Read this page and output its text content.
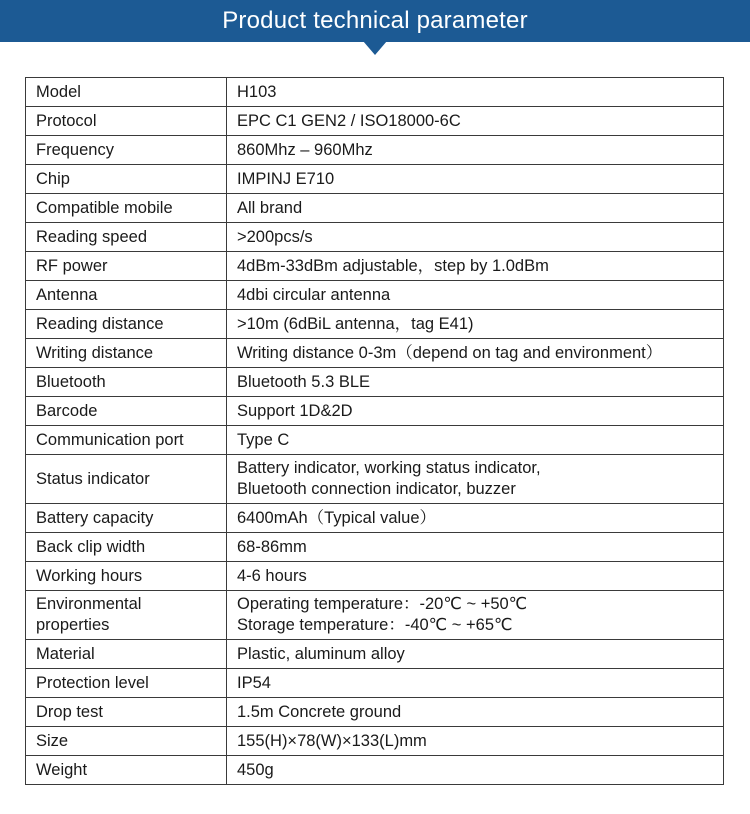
Product technical parameter
Model	H103

Protocol	EPC C1 GEN2 / ISO18000-6C

Frequency	860Mhz – 960Mhz

Chip	IMPINJ E710

Compatible mobile	All brand

Reading speed	>200pcs/s

RF power	4dBm-33dBm adjustable，step by 1.0dBm

Antenna	4dbi circular antenna

Reading distance	>10m (6dBiL antenna，tag E41)

Writing distance	Writing distance 0-3m（depend on tag and environment）

Bluetooth	Bluetooth 5.3 BLE

Barcode	Support 1D&2D

Communication port	Type C

Status indicator	Battery indicator, working status indicator,
Bluetooth connection indicator, buzzer

Battery capacity	6400mAh（Typical value）

Back clip width	68-86mm

Working hours	4-6 hours

Environmental
properties	Operating temperature：-20℃ ~ +50℃
Storage temperature：-40℃ ~ +65℃

Material	Plastic, aluminum alloy

Protection level	IP54

Drop test	1.5m Concrete ground

Size	155(H)×78(W)×133(L)mm

Weight	450g
